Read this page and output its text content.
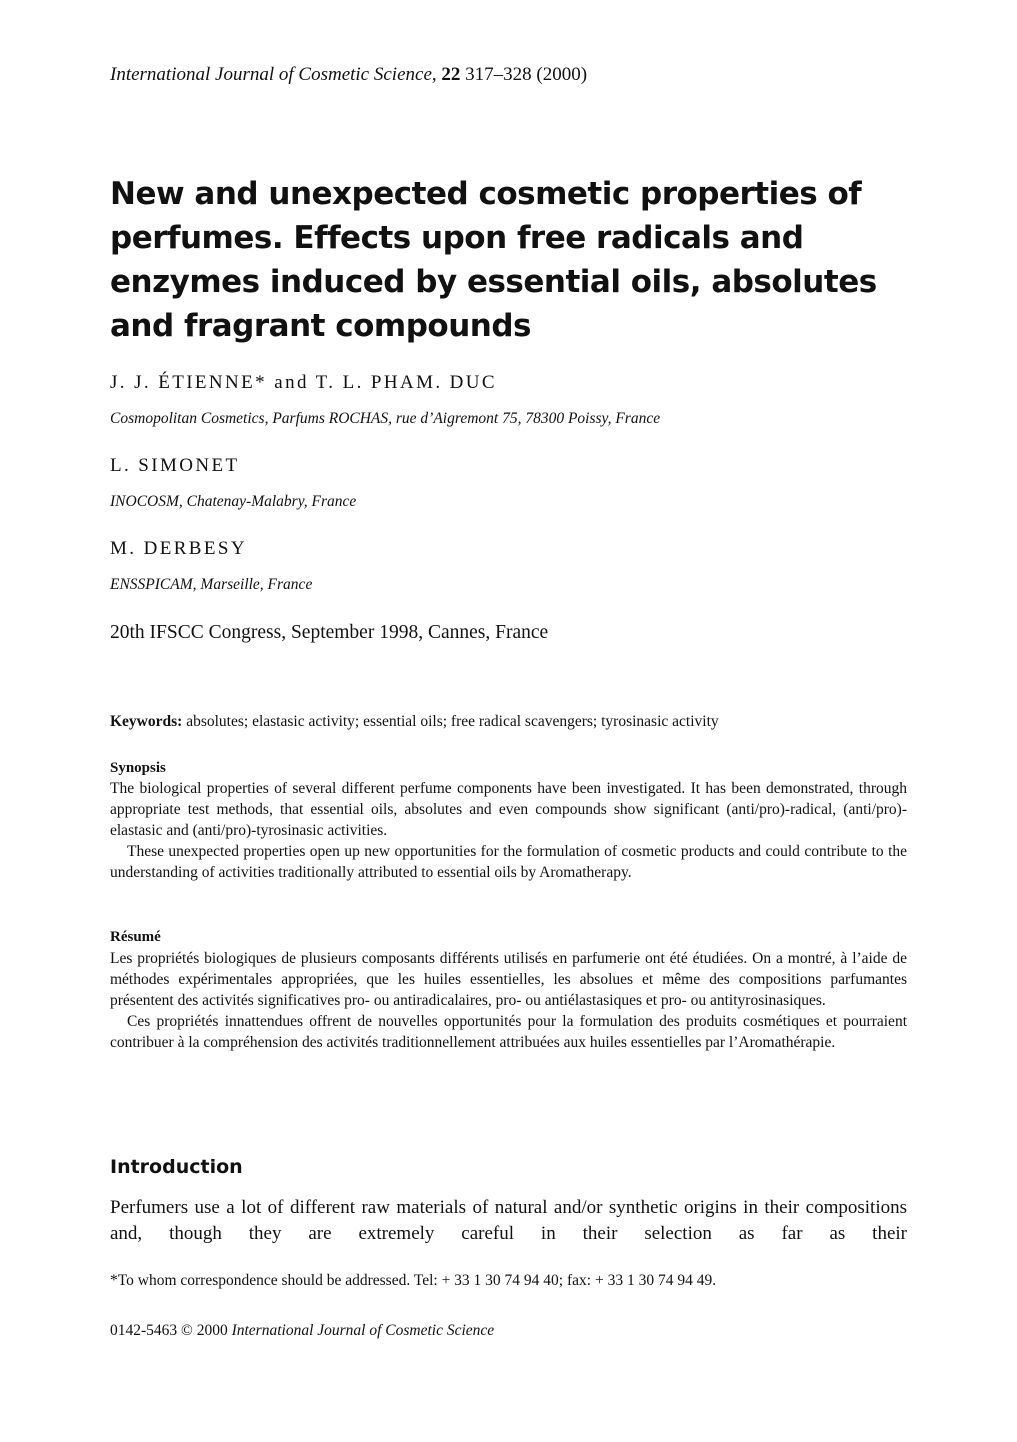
International Journal of Cosmetic Science, 22 317–328 (2000)
New and unexpected cosmetic properties of perfumes. Effects upon free radicals and enzymes induced by essential oils, absolutes and fragrant compounds
J. J. ÉTIENNE* and T. L. PHAM. DUC
Cosmopolitan Cosmetics, Parfums ROCHAS, rue d’Aigremont 75, 78300 Poissy, France
L. SIMONET
INOCOSM, Chatenay-Malabry, France
M. DERBESY
ENSSPICAM, Marseille, France
20th IFSCC Congress, September 1998, Cannes, France
Keywords: absolutes; elastasic activity; essential oils; free radical scavengers; tyrosinasic activity
Synopsis

The biological properties of several different perfume components have been investigated. It has been demonstrated, through appropriate test methods, that essential oils, absolutes and even compounds show significant (anti/pro)-radical, (anti/pro)-elastasic and (anti/pro)-tyrosinasic activities.

These unexpected properties open up new opportunities for the formulation of cosmetic products and could contribute to the understanding of activities traditionally attributed to essential oils by Aromatherapy.

Résumé

Les propriétés biologiques de plusieurs composants différents utilisés en parfumerie ont été étudiées. On a montré, à l’aide de méthodes expérimentales appropriées, que les huiles essentielles, les absolues et même des compositions parfumantes présentent des activités significatives pro- ou antiradicalaires, pro- ou antiélastasiques et pro- ou antityrosinasiques.

Ces propriétés innattendues offrent de nouvelles opportunités pour la formulation des produits cosmétiques et pourraient contribuer à la compréhension des activités traditionnellement attribuées aux huiles essentielles par l’Aromathérapie.

Introduction

Perfumers use a lot of different raw materials of natural and/or synthetic origins in their compositions and, though they are extremely careful in their selection as far as their

*To whom correspondence should be addressed. Tel: + 33 1 30 74 94 40; fax: + 33 1 30 74 94 49.
0142-5463 © 2000 International Journal of Cosmetic Science
